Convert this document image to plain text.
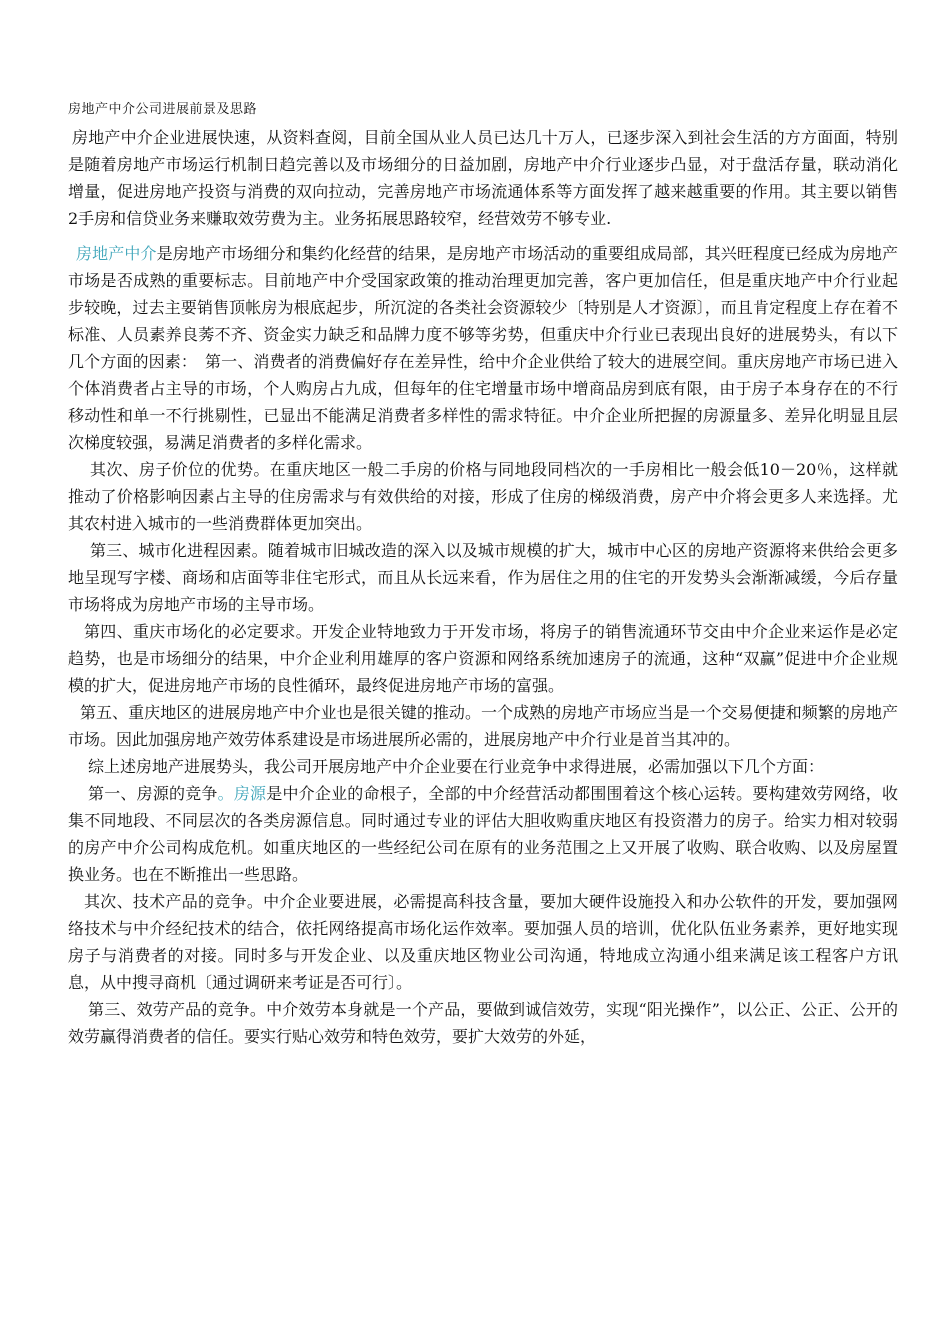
房地产中介公司进展前景及思路

房地产中介企业进展快速，从资料查阅，目前全国从业人员已达几十万人，已逐步深入到社会生活的方方面面，特别是随着房地产市场运行机制日趋完善以及市场细分的日益加剧，房地产中介行业逐步凸显，对于盘活存量，联动消化增量，促进房地产投资与消费的双向拉动，完善房地产市场流通体系等方面发挥了越来越重要的作用。其主要以销售 2手房和信贷业务来赚取效劳费为主。业务拓展思路较窄，经营效劳不够专业.

房地产中介是房地产市场细分和集约化经营的结果，是房地产市场活动的重要组成局部，其兴旺程度已经成为房地产市场是否成熟的重要标志。目前地产中介受国家政策的推动治理更加完善，客户更加信任，但是重庆地产中介行业起步较晚，过去主要销售顶帐房为根底起步，所沉淀的各类社会资源较少〔特别是人才资源〕，而且肯定程度上存在着不标准、人员素养良莠不齐、资金实力缺乏和品牌力度不够等劣势，但重庆中介行业已表现出良好的进展势头，有以下几个方面的因素：　第一、消费者的消费偏好存在差异性，给中介企业供给了较大的进展空间。重庆房地产市场已进入个体消费者占主导的市场，个人购房占九成，但每年的住宅增量市场中增商品房到底有限，由于房子本身存在的不行移动性和单一不行挑剔性，已显出不能满足消费者多样性的需求特征。中介企业所把握的房源量多、差异化明显且层次梯度较强，易满足消费者的多样化需求。

其次、房子价位的优势。在重庆地区一般二手房的价格与同地段同档次的一手房相比一般会低10－20％，这样就推动了价格影响因素占主导的住房需求与有效供给的对接，形成了住房的梯级消费，房产中介将会更多人来选择。尤其农村进入城市的一些消费群体更加突出。

第三、城市化进程因素。随着城市旧城改造的深入以及城市规模的扩大，城市中心区的房地产资源将来供给会更多地呈现写字楼、商场和店面等非住宅形式，而且从长远来看，作为居住之用的住宅的开发势头会渐渐减缓，今后存量市场将成为房地产市场的主导市场。

第四、重庆市场化的必定要求。开发企业特地致力于开发市场，将房子的销售流通环节交由中介企业来运作是必定趋势，也是市场细分的结果，中介企业利用雄厚的客户资源和网络系统加速房子的流通，这种“双赢”促进中介企业规模的扩大，促进房地产市场的良性循环，最终促进房地产市场的富强。

第五、重庆地区的进展房地产中介业也是很关键的推动。一个成熟的房地产市场应当是一个交易便捷和频繁的房地产市场。因此加强房地产效劳体系建设是市场进展所必需的，进展房地产中介行业是首当其冲的。

综上述房地产进展势头，我公司开展房地产中介企业要在行业竞争中求得进展，必需加强以下几个方面：

第一、房源的竞争。房源是中介企业的命根子，全部的中介经营活动都围围着这个核心运转。要构建效劳网络，收集不同地段、不同层次的各类房源信息。同时通过专业的评估大胆收购重庆地区有投资潜力的房子。给实力相对较弱的房产中介公司构成危机。如重庆地区的一些经纪公司在原有的业务范围之上又开展了收购、联合收购、以及房屋置换业务。也在不断推出一些思路。

其次、技术产品的竞争。中介企业要进展，必需提高科技含量，要加大硬件设施投入和办公软件的开发，要加强网络技术与中介经纪技术的结合，依托网络提高市场化运作效率。要加强人员的培训，优化队伍业务素养，更好地实现房子与消费者的对接。同时多与开发企业、以及重庆地区物业公司沟通，特地成立沟通小组来满足该工程客户方讯息，从中搜寻商机〔通过调研来考证是否可行〕。

第三、效劳产品的竞争。中介效劳本身就是一个产品，要做到诚信效劳，实现“阳光操作”，以公正、公正、公开的效劳赢得消费者的信任。要实行贴心效劳和特色效劳，要扩大效劳的外延，
